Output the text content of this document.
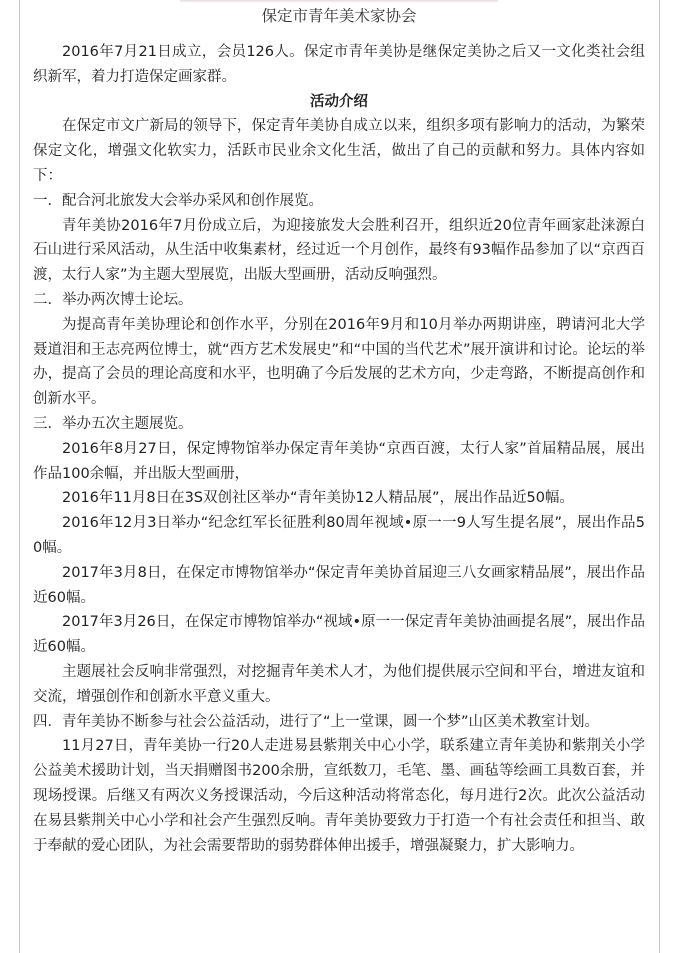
保定市青年美术家协会

2016年7月21日成立，会员126人。保定市青年美协是继保定美协之后又一文化类社会组织新军，着力打造保定画家群。

活动介绍

在保定市文广新局的领导下，保定青年美协自成立以来，组织多项有影响力的活动，为繁荣保定文化，增强文化软实力，活跃市民业余文化生活，做出了自己的贡献和努力。具体内容如下：

一．配合河北旅发大会举办采风和创作展览。

青年美协2016年7月份成立后，为迎接旅发大会胜利召开，组织近20位青年画家赴涞源白石山进行采风活动，从生活中收集素材，经过近一个月创作，最终有93幅作品参加了以“京西百渡，太行人家”为主题大型展览，出版大型画册，活动反响强烈。

二．举办两次博士论坛。

为提高青年美协理论和创作水平，分别在2016年9月和10月举办两期讲座，聘请河北大学聂道泪和王志亮两位博士，就“西方艺术发展史”和“中国的当代艺术”展开演讲和讨论。论坛的举办，提高了会员的理论高度和水平，也明确了今后发展的艺术方向，少走弯路，不断提高创作和创新水平。

三．举办五次主题展览。

2016年8月27日，保定博物馆举办保定青年美协“京西百渡，太行人家”首届精品展，展出作品100余幅，并出版大型画册，

2016年11月8日在3S双创社区举办“青年美协12人精品展”，展出作品近50幅。

2016年12月3日举办“纪念红军长征胜利80周年视域•原一一9人写生提名展”，展出作品50幅。

2017年3月8日，在保定市博物馆举办“保定青年美协首届迎三八女画家精品展”，展出作品近60幅。

2017年3月26日，在保定市博物馆举办“视域•原一一保定青年美协油画提名展”，展出作品近60幅。

主题展社会反响非常强烈，对挖掘青年美术人才，为他们提供展示空间和平台，增进友谊和交流，增强创作和创新水平意义重大。

四．青年美协不断参与社会公益活动，进行了“上一堂课，圆一个梦”山区美术教室计划。

11月27日，青年美协一行20人走进易县紫荆关中心小学，联系建立青年美协和紫荆关小学公益美术援助计划，当天捐赠图书200余册，宣纸数刀，毛笔、墨、画毡等绘画工具数百套，并现场授课。后继又有两次义务授课活动，今后这种活动将常态化，每月进行2次。此次公益活动在易县紫荆关中心小学和社会产生强烈反响。青年美协要致力于打造一个有社会责任和担当、敢于奉献的爱心团队，为社会需要帮助的弱势群体伸出援手，增强凝聚力，扩大影响力。
